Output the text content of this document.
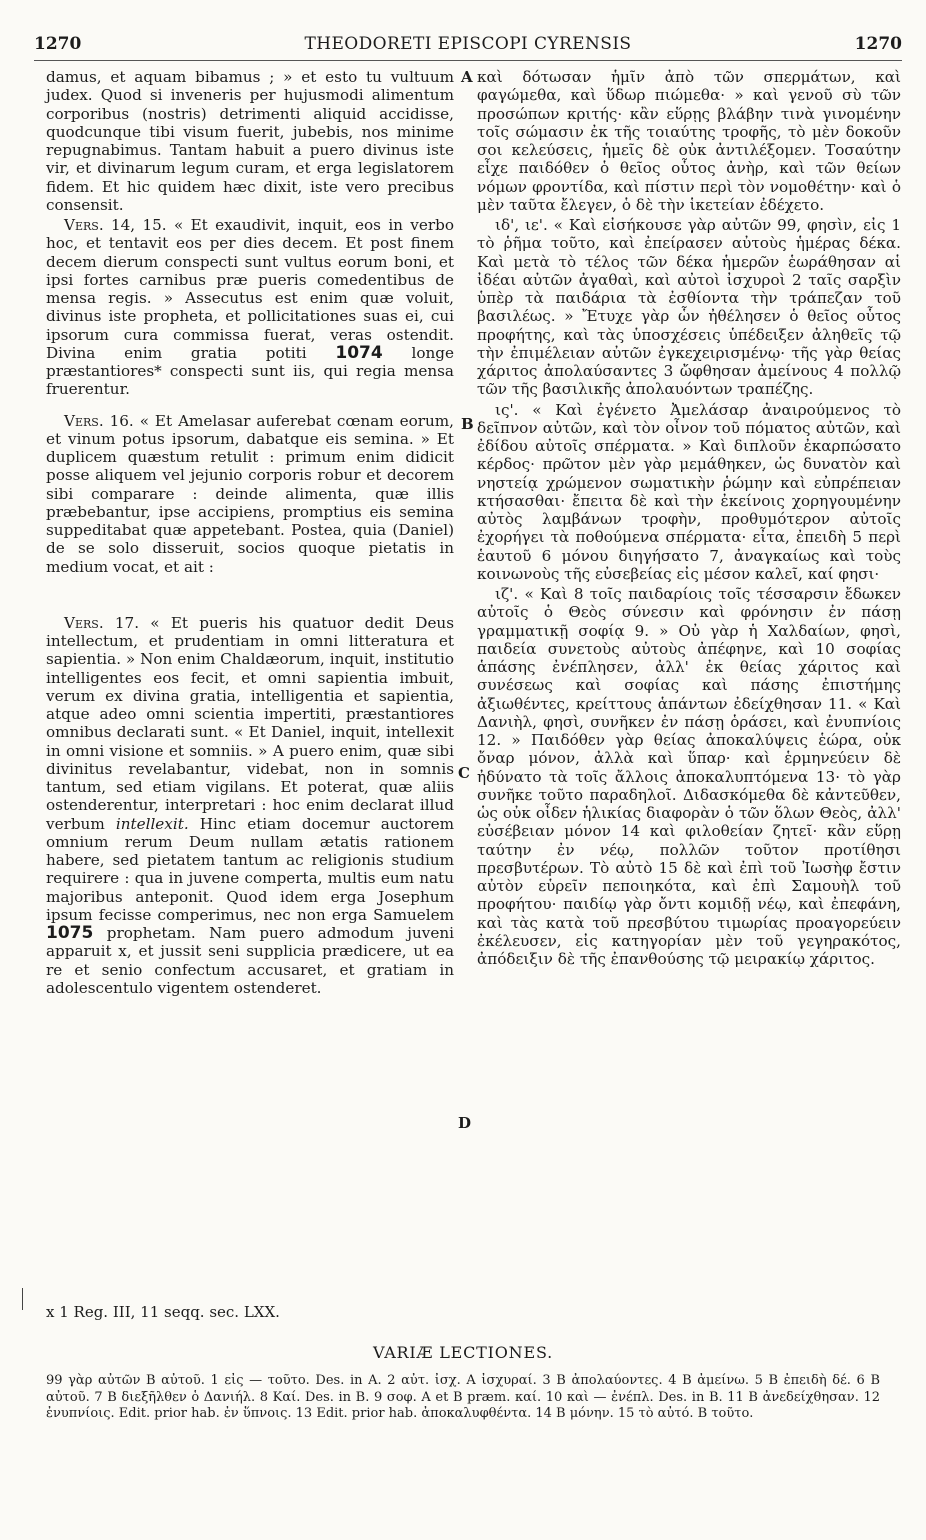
1270	THEODORETI EPISCOPI CYRENSIS	1270

damus, et aquam bibamus ; » et esto tu vultuum judex. Quod si inveneris per hujusmodi alimentum corporibus (nostris) detrimenti aliquid accidisse, quodcunque tibi visum fuerit, jubebis, nos minime repugnabimus. Tantam habuit a puero divinus iste vir, et divinarum legum curam, et erga legislatorem fidem. Et hic quidem hæc dixit, iste vero precibus consensit.

Vers. 14, 15. « Et exaudivit, inquit, eos in verbo hoc, et tentavit eos per dies decem. Et post finem decem dierum conspecti sunt vultus eorum boni, et ipsi fortes carnibus præ pueris comedentibus de mensa regis. » Assecutus est enim quæ voluit, divinus iste propheta, et pollicitationes suas ei, cui ipsorum cura commissa fuerat, veras ostendit. Divina enim gratia potiti 1074 longe præstantiores* conspecti sunt iis, qui regia mensa fruerentur.

Vers. 16. « Et Amelasar auferebat cœnam eorum, et vinum potus ipsorum, dabatque eis semina. » Et duplicem quæstum retulit : primum enim didicit posse aliquem vel jejunio corporis robur et decorem sibi comparare : deinde alimenta, quæ illis præbebantur, ipse accipiens, promptius eis semina suppeditabat quæ appetebant. Postea, quia (Daniel) de se solo disseruit, socios quoque pietatis in medium vocat, et ait :

Vers. 17. « Et pueris his quatuor dedit Deus intellectum, et prudentiam in omni litteratura et sapientia. » Non enim Chaldæorum, inquit, institutio intelligentes eos fecit, et omni sapientia imbuit, verum ex divina gratia, intelligentia et sapientia, atque adeo omni scientia impertiti, præstantiores omnibus declarati sunt. « Et Daniel, inquit, intellexit in omni visione et somniis. » A puero enim, quæ sibi divinitus revelabantur, videbat, non in somnis tantum, sed etiam vigilans. Et poterat, quæ aliis ostenderentur, interpretari : hoc enim declarat illud verbum intellexit. Hinc etiam docemur auctorem omnium rerum Deum nullam ætatis rationem habere, sed pietatem tantum ac religionis studium requirere : qua in juvene comperta, multis eum natu majoribus anteponit. Quod idem erga Josephum ipsum fecisse comperimus, nec non erga Samuelem 1075 prophetam. Nam puero admodum juveni apparuit x, et jussit seni supplicia prædicere, ut ea re et senio confectum accusaret, et gratiam in adolescentulo vigentem ostenderet.

A
B
C
D

καὶ δότωσαν ἡμῖν ἀπὸ τῶν σπερμάτων, καὶ φαγώμεθα, καὶ ὕδωρ πιώμεθα· » καὶ γενοῦ σὺ τῶν προσώπων κριτής· κἂν εὕρῃς βλάβην τινὰ γινομένην τοῖς σώμασιν ἐκ τῆς τοιαύτης τροφῆς, τὸ μὲν δοκοῦν σοι κελεύσεις, ἡμεῖς δὲ οὐκ ἀντιλέξομεν. Τοσαύτην εἶχε παιδόθεν ὁ θεῖος οὗτος ἀνὴρ, καὶ τῶν θείων νόμων φροντίδα, καὶ πίστιν περὶ τὸν νομοθέτην· καὶ ὁ μὲν ταῦτα ἔλεγεν, ὁ δὲ τὴν ἱκετείαν ἐδέχετο.

ιδ', ιε'. « Καὶ εἰσήκουσε γὰρ αὐτῶν 99, φησὶν, εἰς 1 τὸ ῥῆμα τοῦτο, καὶ ἐπείρασεν αὐτοὺς ἡμέρας δέκα. Καὶ μετὰ τὸ τέλος τῶν δέκα ἡμερῶν ἑωράθησαν αἱ ἰδέαι αὐτῶν ἀγαθαὶ, καὶ αὐτοὶ ἰσχυροὶ 2 ταῖς σαρξὶν ὑπὲρ τὰ παιδάρια τὰ ἐσθίοντα τὴν τράπεζαν τοῦ βασιλέως. » Ἔτυχε γὰρ ὧν ἠθέλησεν ὁ θεῖος οὗτος προφήτης, καὶ τὰς ὑποσχέσεις ὑπέδειξεν ἀληθεῖς τῷ τὴν ἐπιμέλειαν αὐτῶν ἐγκεχειρισμένῳ· τῆς γὰρ θείας χάριτος ἀπολαύσαντες 3 ὤφθησαν ἀμείνους 4 πολλῷ τῶν τῆς βασιλικῆς ἀπολαυόντων τραπέζης.

ις'. « Καὶ ἐγένετο Ἀμελάσαρ ἀναιρούμενος τὸ δεῖπνον αὐτῶν, καὶ τὸν οἶνον τοῦ πόματος αὐτῶν, καὶ ἐδίδου αὐτοῖς σπέρματα. » Καὶ διπλοῦν ἐκαρπώσατο κέρδος· πρῶτον μὲν γὰρ μεμάθηκεν, ὡς δυνατὸν καὶ νηστείᾳ χρώμενον σωματικὴν ῥώμην καὶ εὐπρέπειαν κτήσασθαι· ἔπειτα δὲ καὶ τὴν ἐκείνοις χορηγουμένην αὐτὸς λαμβάνων τροφὴν, προθυμότερον αὐτοῖς ἐχορήγει τὰ ποθούμενα σπέρματα· εἶτα, ἐπειδὴ 5 περὶ ἑαυτοῦ 6 μόνου διηγήσατο 7, ἀναγκαίως καὶ τοὺς κοινωνοὺς τῆς εὐσεβείας εἰς μέσον καλεῖ, καί φησι·

ιζ'. « Καὶ 8 τοῖς παιδαρίοις τοῖς τέσσαρσιν ἔδωκεν αὐτοῖς ὁ Θεὸς σύνεσιν καὶ φρόνησιν ἐν πάσῃ γραμματικῇ σοφίᾳ 9. » Οὐ γὰρ ἡ Χαλδαίων, φησὶ, παιδεία συνετοὺς αὐτοὺς ἀπέφηνε, καὶ 10 σοφίας ἁπάσης ἐνέπλησεν, ἀλλ' ἐκ θείας χάριτος καὶ συνέσεως καὶ σοφίας καὶ πάσης ἐπιστήμης ἀξιωθέντες, κρείττους ἁπάντων ἐδείχθησαν 11. « Καὶ Δανιὴλ, φησὶ, συνῆκεν ἐν πάσῃ ὁράσει, καὶ ἐνυπνίοις 12. » Παιδόθεν γὰρ θείας ἀποκαλύψεις ἑώρα, οὐκ ὄναρ μόνον, ἀλλὰ καὶ ὕπαρ· καὶ ἑρμηνεύειν δὲ ἠδύνατο τὰ τοῖς ἄλλοις ἀποκαλυπτόμενα 13· τὸ γὰρ συνῆκε τοῦτο παραδηλοῖ. Διδασκόμεθα δὲ κἀντεῦθεν, ὡς οὐκ οἶδεν ἡλικίας διαφορὰν ὁ τῶν ὅλων Θεὸς, ἀλλ' εὐσέβειαν μόνον 14 καὶ φιλοθείαν ζητεῖ· κἂν εὕρῃ ταύτην ἐν νέῳ, πολλῶν τοῦτον προτίθησι πρεσβυτέρων. Τὸ αὐτὸ 15 δὲ καὶ ἐπὶ τοῦ Ἰωσὴφ ἔστιν αὐτὸν εὑρεῖν πεποιηκότα, καὶ ἐπὶ Σαμουὴλ τοῦ προφήτου· παιδίῳ γὰρ ὄντι κομιδῇ νέῳ, καὶ ἐπεφάνη, καὶ τὰς κατὰ τοῦ πρεσβύτου τιμωρίας προαγορεύειν ἐκέλευσεν, εἰς κατηγορίαν μὲν τοῦ γεγηρακότος, ἀπόδειξιν δὲ τῆς ἐπανθούσης τῷ μειρακίῳ χάριτος.

x 1 Reg. III, 11 seqq. sec. LXX.
VARIÆ LECTIONES.
99 γὰρ αὐτῶν B αὐτοῦ. 1 εἰς — τοῦτο. Des. in A. 2 αὐτ. ἰσχ. A ἰσχυραί. 3 B ἀπολαύοντες. 4 B ἀμείνω. 5 B ἐπειδὴ δέ. 6 B αὐτοῦ. 7 B διεξῆλθεν ὁ Δανιήλ. 8 Καί. Des. in B. 9 σοφ. A et B præm. καί. 10 καὶ — ἐνέπλ. Des. in B. 11 B ἀνεδείχθησαν. 12 ἐνυπνίοις. Edit. prior hab. ἐν ὕπνοις. 13 Edit. prior hab. ἀποκαλυφθέντα. 14 B μόνην. 15 τὸ αὐτό. B τοῦτο.
